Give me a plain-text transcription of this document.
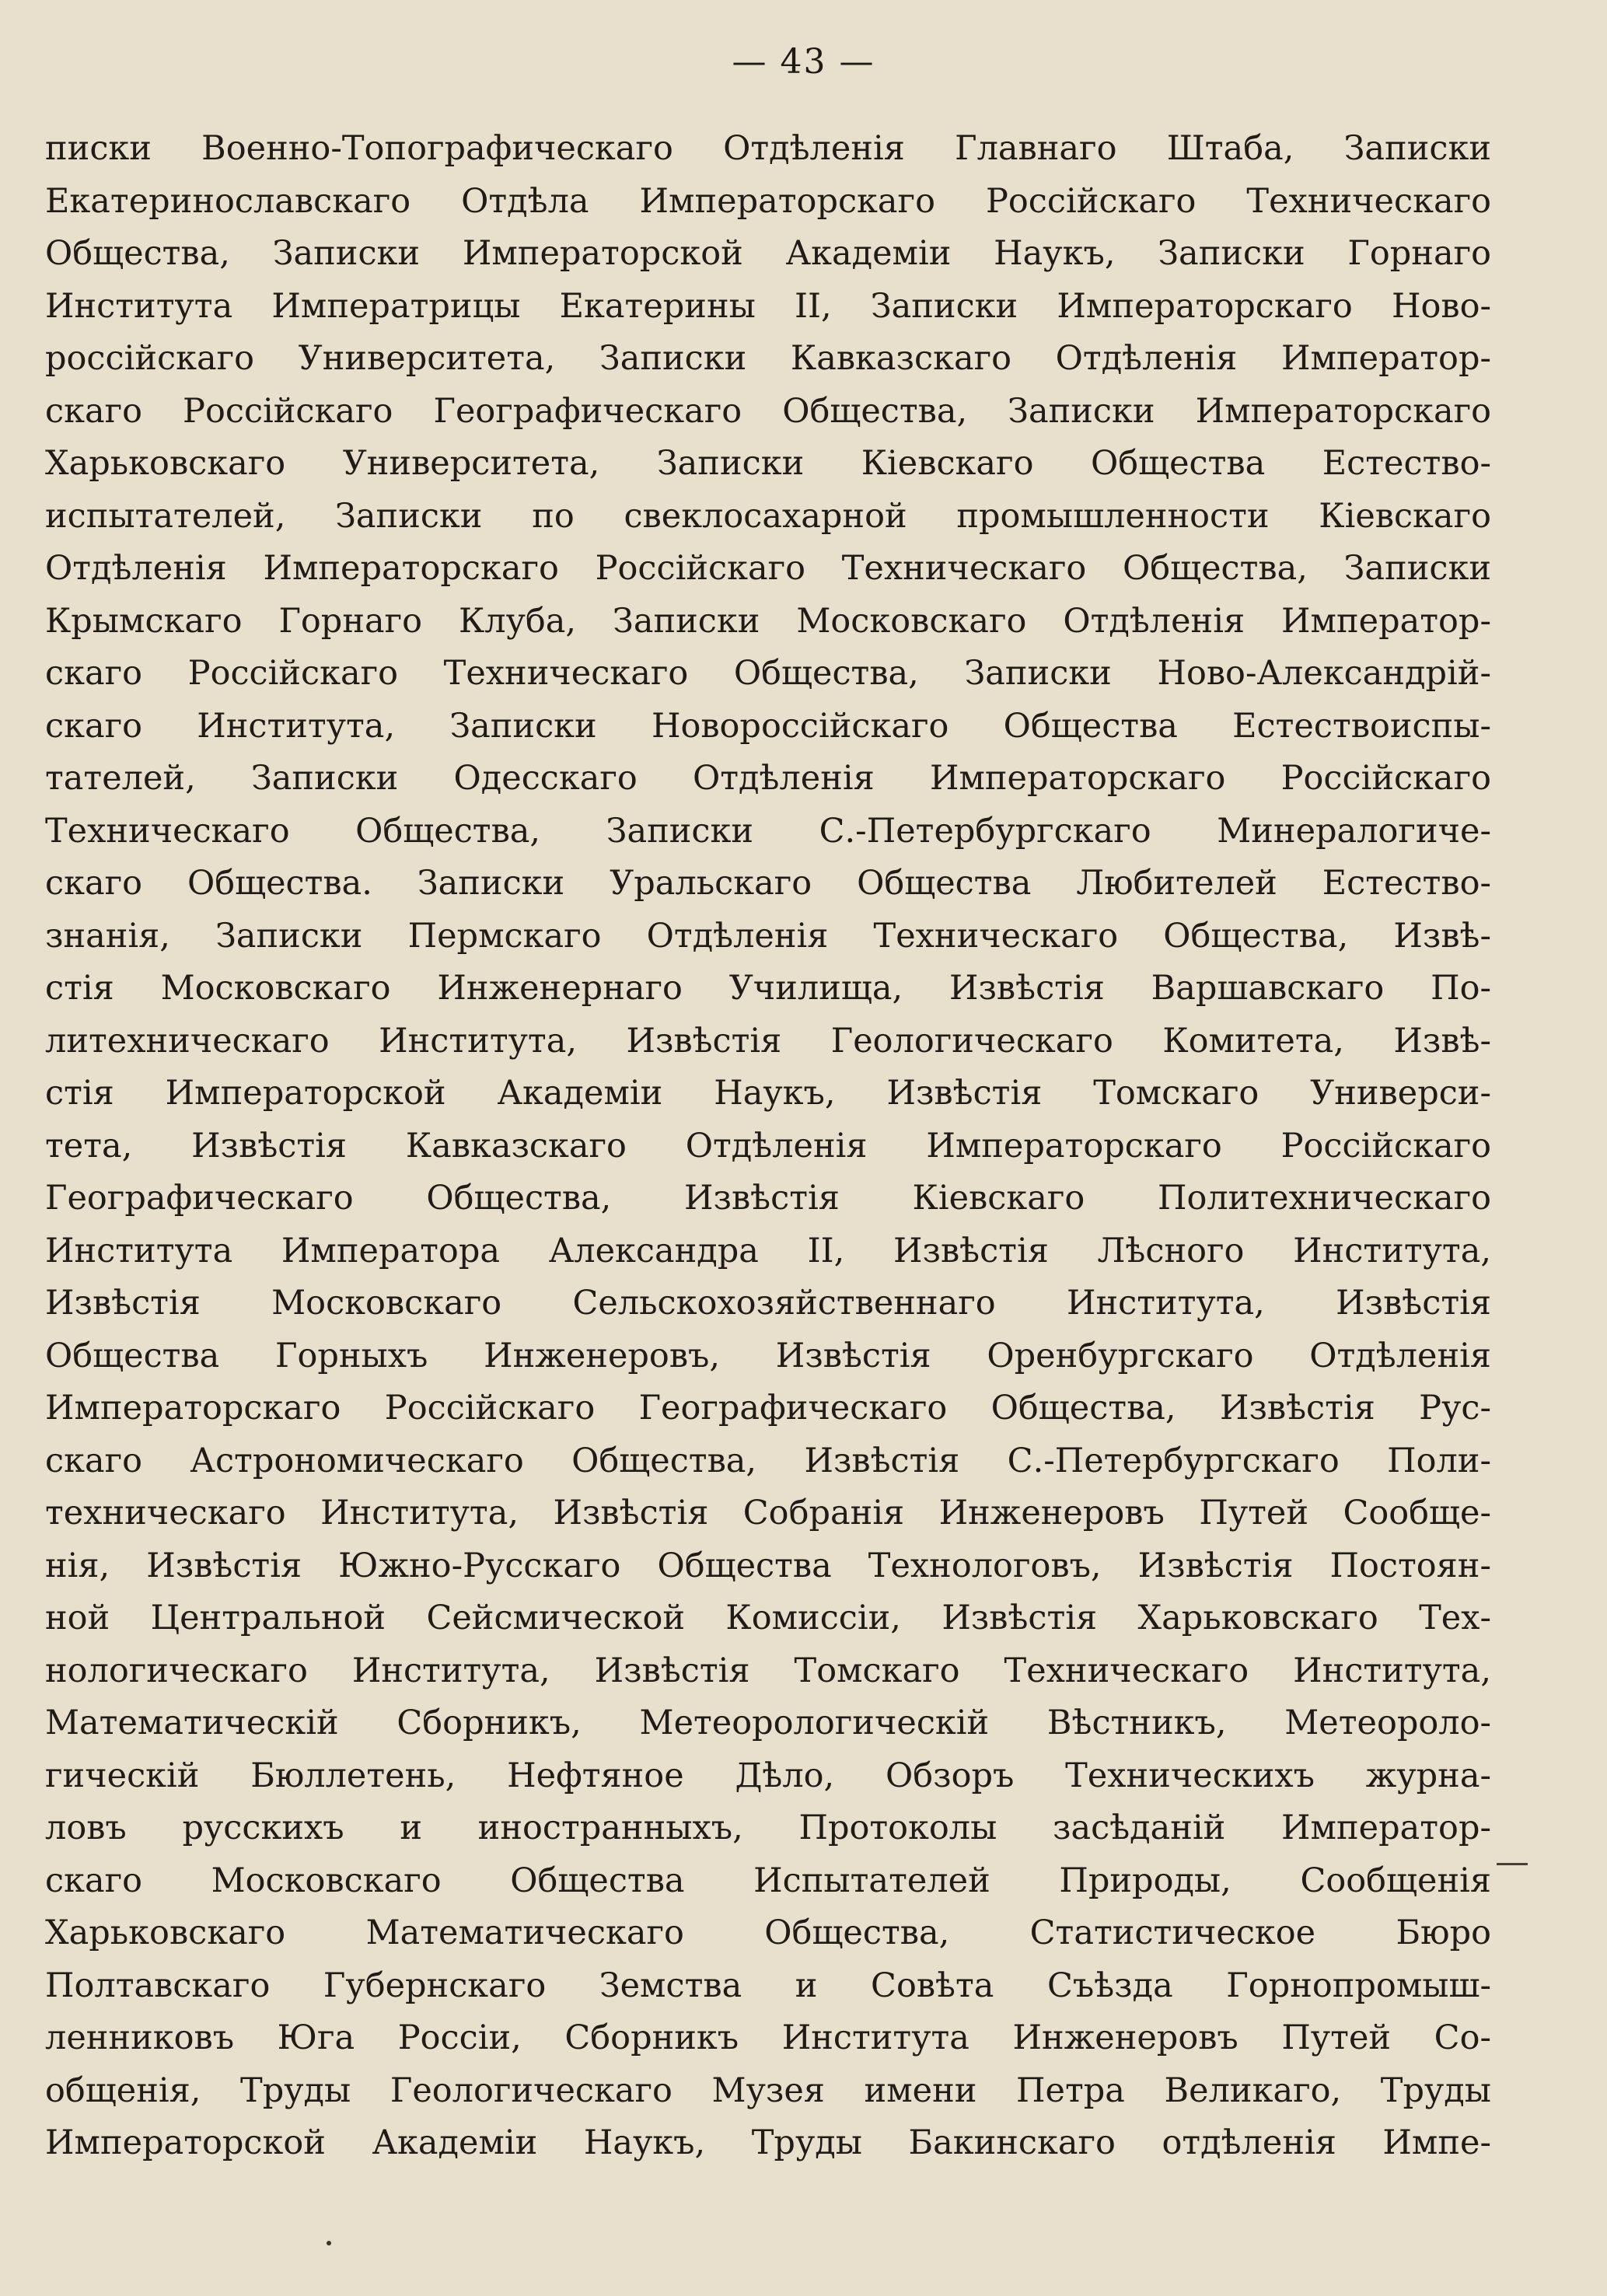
— 43 —
писки Военно-Топографическаго Отдѣленія Главнаго Штаба, Записки
Екатеринославскаго Отдѣла Императорскаго Россійскаго Техническаго
Общества, Записки Императорской Академіи Наукъ, Записки Горнаго
Института Императрицы Екатерины II, Записки Императорскаго Ново-
россійскаго Университета, Записки Кавказскаго Отдѣленія Император-
скаго Россійскаго Географическаго Общества, Записки Императорскаго
Харьковскаго Университета, Записки Кіевскаго Общества Естество-
испытателей, Записки по свеклосахарной промышленности Кіевскаго
Отдѣленія Императорскаго Россійскаго Техническаго Общества, Записки
Крымскаго Горнаго Клуба, Записки Московскаго Отдѣленія Император-
скаго Россійскаго Техническаго Общества, Записки Ново-Александрій-
скаго Института, Записки Новороссійскаго Общества Естествоиспы-
тателей, Записки Одесскаго Отдѣленія Императорскаго Россійскаго
Техническаго Общества, Записки С.-Петербургскаго Минералогиче-
скаго Общества. Записки Уральскаго Общества Любителей Естество-
знанія, Записки Пермскаго Отдѣленія Техническаго Общества, Извѣ-
стія Московскаго Инженернаго Училища, Извѣстія Варшавскаго По-
литехническаго Института, Извѣстія Геологическаго Комитета, Извѣ-
стія Императорской Академіи Наукъ, Извѣстія Томскаго Универси-
тета, Извѣстія Кавказскаго Отдѣленія Императорскаго Россійскаго
Географическаго Общества, Извѣстія Кіевскаго Политехническаго
Института Императора Александра II, Извѣстія Лѣсного Института,
Извѣстія Московскаго Сельскохозяйственнаго Института, Извѣстія
Общества Горныхъ Инженеровъ, Извѣстія Оренбургскаго Отдѣленія
Императорскаго Россійскаго Географическаго Общества, Извѣстія Рус-
скаго Астрономическаго Общества, Извѣстія С.-Петербургскаго Поли-
техническаго Института, Извѣстія Собранія Инженеровъ Путей Сообще-
нія, Извѣстія Южно-Русскаго Общества Технологовъ, Извѣстія Постоян-
ной Центральной Сейсмической Комиссіи, Извѣстія Харьковскаго Тех-
нологическаго Института, Извѣстія Томскаго Техническаго Института,
Математическій Сборникъ, Метеорологическій Вѣстникъ, Метеороло-
гическій Бюллетень, Нефтяное Дѣло, Обзоръ Техническихъ журна-
ловъ русскихъ и иностранныхъ, Протоколы засѣданій Император-
скаго Московскаго Общества Испытателей Природы, Сообщенія
Харьковскаго Математическаго Общества, Статистическое Бюро
Полтавскаго Губернскаго Земства и Совѣта Съѣзда Горнопромыш-
ленниковъ Юга Россіи, Сборникъ Института Инженеровъ Путей Со-
общенія, Труды Геологическаго Музея имени Петра Великаго, Труды
Императорской Академіи Наукъ, Труды Бакинскаго отдѣленія Импе-
